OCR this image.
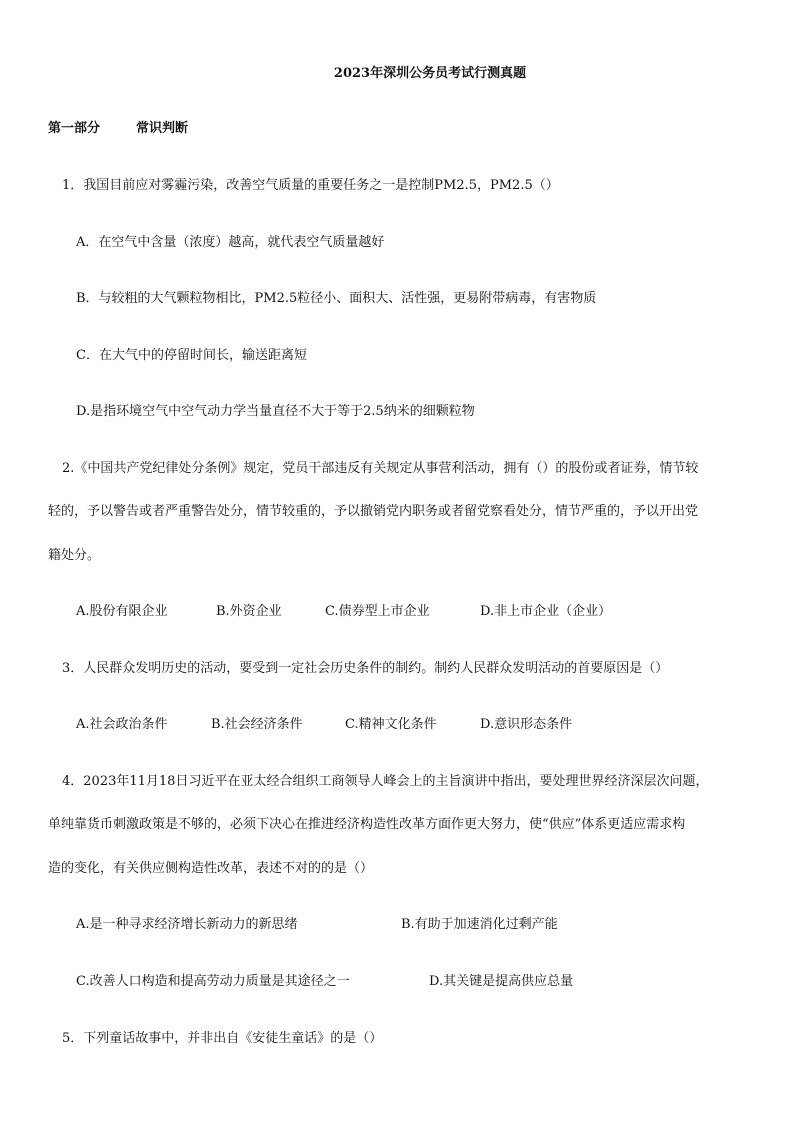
2023年深圳公务员考试行测真题
第一部分	常识判断
1．我国目前应对雾霾污染，改善空气质量的重要任务之一是控制PM2.5，PM2.5（）
A．在空气中含量（浓度）越高，就代表空气质量越好
B．与较粗的大气颗粒物相比，PM2.5粒径小、面积大、活性强，更易附带病毒，有害物质
C．在大气中的停留时间长，输送距离短
D.是指环境空气中空气动力学当量直径不大于等于2.5纳米的细颗粒物
2.《中国共产党纪律处分条例》规定，党员干部违反有关规定从事营利活动，拥有（）的股份或者证券，情节较
轻的，予以警告或者严重警告处分，情节较重的，予以撤销党内职务或者留党察看处分，情节严重的，予以开出党
籍处分。
A.股份有限企业	B.外资企业	C.债券型上市企业	D.非上市企业（企业）
3．人民群众发明历史的活动，要受到一定社会历史条件的制约。制约人民群众发明活动的首要原因是（）
A.社会政治条件	B.社会经济条件	C.精神文化条件	D.意识形态条件
4．2023年11月18日习近平在亚太经合组织工商领导人峰会上的主旨演讲中指出，要处理世界经济深层次问题，
单纯靠货币刺激政策是不够的，必须下决心在推进经济构造性改革方面作更大努力，使“供应”体系更适应需求构
造的变化，有关供应侧构造性改革，表述不对的的是（）
A.是一种寻求经济增长新动力的新思绪	B.有助于加速消化过剩产能
C.改善人口构造和提高劳动力质量是其途径之一	D.其关键是提高供应总量
5．下列童话故事中，并非出自《安徒生童话》的是（）
